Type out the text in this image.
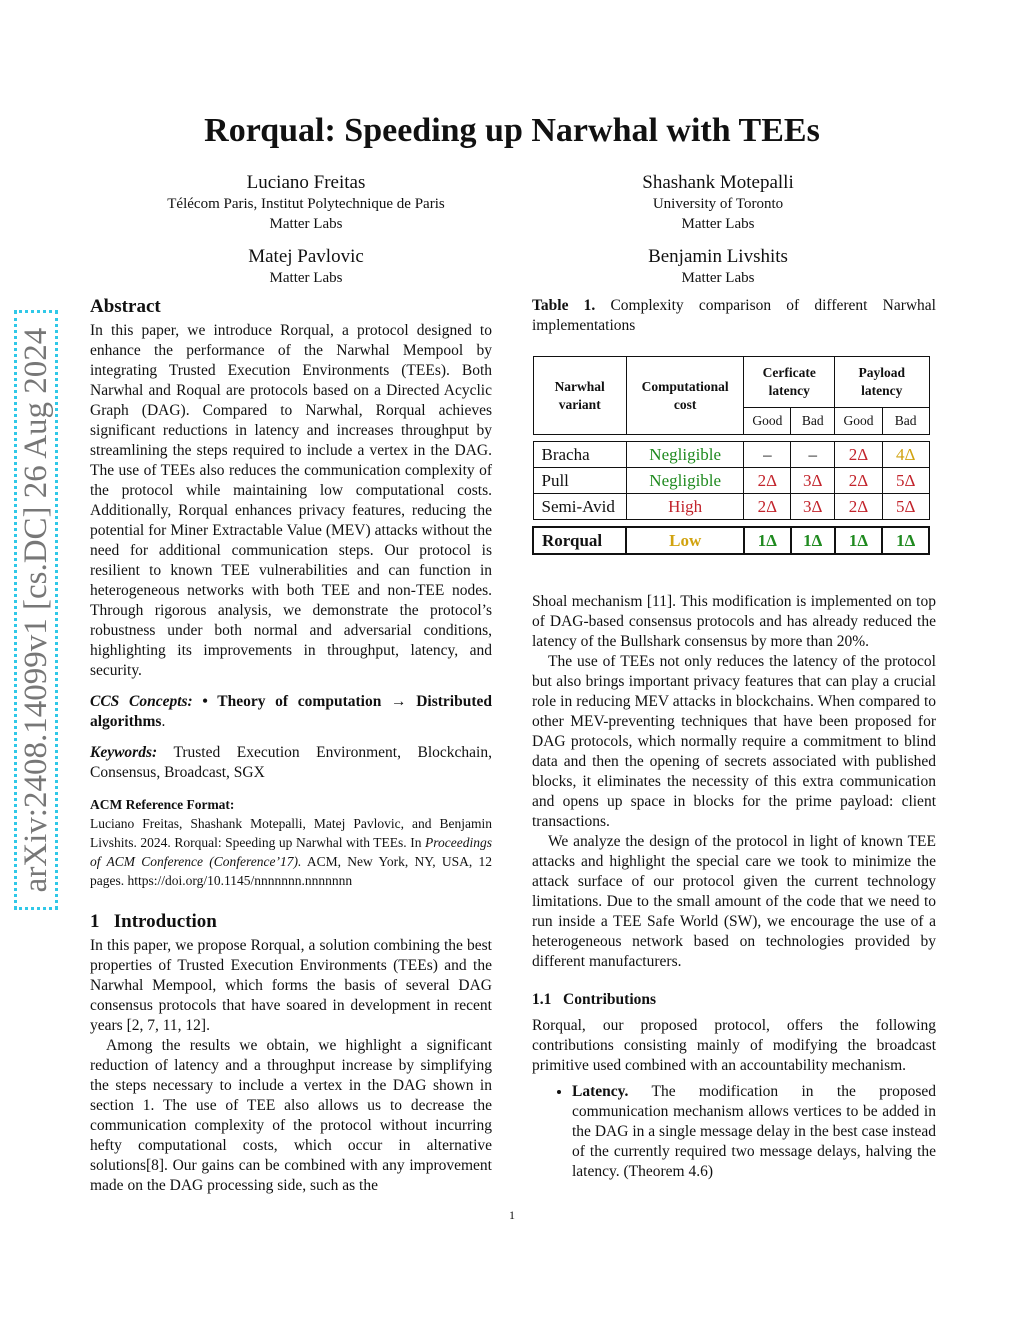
arXiv:2408.14099v1 [cs.DC] 26 Aug 2024
Rorqual: Speeding up Narwhal with TEEs
Luciano Freitas
Télécom Paris, Institut Polytechnique de Paris
Matter Labs
Shashank Motepalli
University of Toronto
Matter Labs
Matej Pavlovic
Matter Labs
Benjamin Livshits
Matter Labs
Abstract

In this paper, we introduce Rorqual, a protocol designed to enhance the performance of the Narwhal Mempool by integrating Trusted Execution Environments (TEEs). Both Narwhal and Roqual are protocols based on a Directed Acyclic Graph (DAG). Compared to Narwhal, Rorqual achieves significant reductions in latency and increases throughput by streamlining the steps required to include a vertex in the DAG. The use of TEEs also reduces the communication complexity of the protocol while maintaining low computational costs. Additionally, Rorqual enhances privacy features, reducing the potential for Miner Extractable Value (MEV) attacks without the need for additional communication steps. Our protocol is resilient to known TEE vulnerabilities and can function in heterogeneous networks with both TEE and non-TEE nodes. Through rigorous analysis, we demonstrate the protocol’s robustness under both normal and adversarial conditions, highlighting its improvements in throughput, latency, and security.

CCS Concepts: • Theory of computation → Distributed algorithms.

Keywords: Trusted Execution Environment, Blockchain, Consensus, Broadcast, SGX

ACM Reference Format:

Luciano Freitas, Shashank Motepalli, Matej Pavlovic, and Benjamin Livshits. 2024. Rorqual: Speeding up Narwhal with TEEs. In Proceedings of ACM Conference (Conference’17). ACM, New York, NY, USA, 12 pages. https://doi.org/10.1145/nnnnnnn.nnnnnnn

1 Introduction

In this paper, we propose Rorqual, a solution combining the best properties of Trusted Execution Environments (TEEs) and the Narwhal Mempool, which forms the basis of several DAG consensus protocols that have soared in development in recent years [2, 7, 11, 12].

Among the results we obtain, we highlight a significant reduction of latency and a throughput increase by simplifying the steps necessary to include a vertex in the DAG shown in section 1. The use of TEE also allows us to decrease the communication complexity of the protocol without incurring hefty computational costs, which occur in alternative solutions[8]. Our gains can be combined with any improvement made on the DAG processing side, such as the

Table 1. Complexity comparison of different Narwhal implementations

Narwhal variant	Computational cost	Cerficate latency		Payload latency	
		Good	Bad	Good	Bad

Bracha	Negligible	–	–	2Δ	4Δ
Pull	Negligible	2Δ	3Δ	2Δ	5Δ
Semi-Avid	High	2Δ	3Δ	2Δ	5Δ

Rorqual	Low	1Δ	1Δ	1Δ	1Δ

Shoal mechanism [11]. This modification is implemented on top of DAG-based consensus protocols and has already reduced the latency of the Bullshark consensus by more than 20%.

The use of TEEs not only reduces the latency of the protocol but also brings important privacy features that can play a crucial role in reducing MEV attacks in blockchains. When compared to other MEV-preventing techniques that have been proposed for DAG protocols, which normally require a commitment to blind data and then the opening of secrets associated with published blocks, it eliminates the necessity of this extra communication and opens up space in blocks for the prime payload: client transactions.

We analyze the design of the protocol in light of known TEE attacks and highlight the special care we took to minimize the attack surface of our protocol given the current technology limitations. Due to the small amount of the code that we need to run inside a TEE Safe World (SW), we encourage the use of a heterogeneous network based on technologies provided by different manufacturers.

1.1 Contributions

Rorqual, our proposed protocol, offers the following contributions consisting mainly of modifying the broadcast primitive used combined with an accountability mechanism.

• Latency. The modification in the proposed communication mechanism allows vertices to be added in the DAG in a single message delay in the best case instead of the currently required two message delays, halving the latency. (Theorem 4.6)
1
